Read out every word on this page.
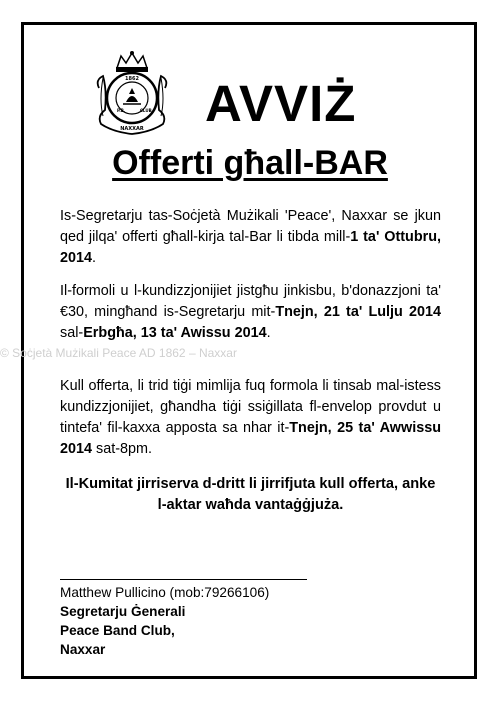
1862
P.B.	CLUB
NAXXAR AVVIŻ
Offerti għall-BAR
Is-Segretarju tas-Soċjetà Mużikali 'Peace', Naxxar se jkun qed jilqa' offerti għall-kirja tal-Bar li tibda mill-1 ta' Ottubru, 2014.
Il-formoli u l-kundizzjonijiet jistgħu jinkisbu, b'donazzjoni ta' €30, mingħand is-Segretarju mit-Tnejn, 21 ta' Lulju 2014 sal-Erbgħa, 13 ta' Awissu 2014.
© Soċjetà Mużikali Peace AD 1862 – Naxxar
Kull offerta, li trid tiġi mimlija fuq formola li tinsab mal-istess kundizzjonijiet, għandha tiġi ssiġillata fl-envelop provdut u tintefa' fil-kaxxa apposta sa nhar it-Tnejn, 25 ta' Awwissu 2014 sat-8pm.
Il-Kumitat jirriserva d-dritt li jirrifjuta kull offerta, anke l-aktar waħda vantaġġjuża.
Matthew Pullicino (mob:79266106)
Segretarju Ġenerali
Peace Band Club,
Naxxar
